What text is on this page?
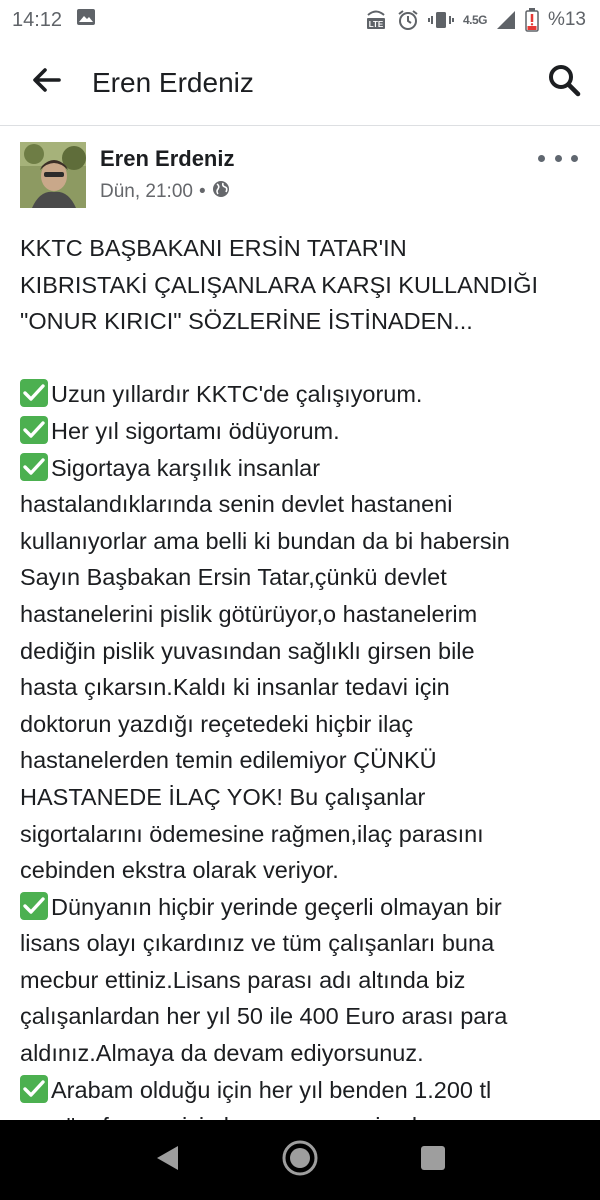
14:12	LTE	4.5G	%13
Eren Erdeniz
Eren Erdeniz
Dün, 21:00 •

KKTC BAŞBAKANI ERSİN TATAR'IN

KIBRISTAKİ ÇALIŞANLARA KARŞI KULLANDIĞI

"ONUR KIRICI" SÖZLERİNE İSTİNADEN...

Uzun yıllardır KKTC'de çalışıyorum.

Her yıl sigortamı ödüyorum.

Sigortaya karşılık insanlar

hastalandıklarında senin devlet hastaneni

kullanıyorlar ama belli ki bundan da bi habersin

Sayın Başbakan Ersin Tatar,çünkü devlet

hastanelerini pislik götürüyor,o hastanelerim

dediğin pislik yuvasından sağlıklı girsen bile

hasta çıkarsın.Kaldı ki insanlar tedavi için

doktorun yazdığı reçetedeki hiçbir ilaç

hastanelerden temin edilemiyor ÇÜNKÜ

HASTANEDE İLAÇ YOK! Bu çalışanlar

sigortalarını ödemesine rağmen,ilaç parasını

cebinden ekstra olarak veriyor.

Dünyanın hiçbir yerinde geçerli olmayan bir

lisans olayı çıkardınız ve tüm çalışanları buna

mecbur ettiniz.Lisans parası adı altında biz

çalışanlardan her yıl 50 ile 400 Euro arası para

aldınız.Almaya da devam ediyorsunuz.

Arabam olduğu için her yıl benden 1.200 tl
